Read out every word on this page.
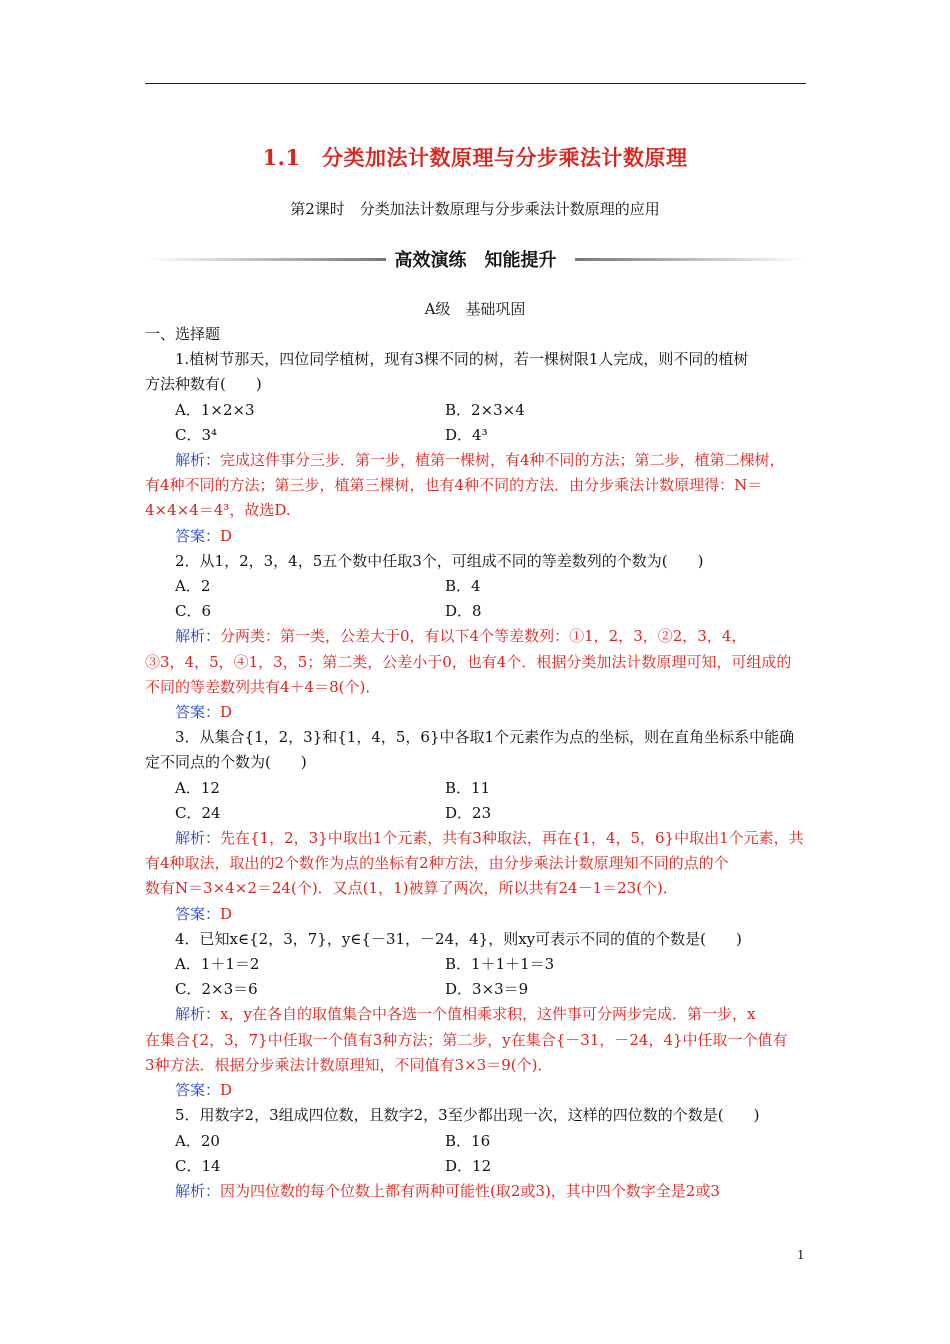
1.1　分类加法计数原理与分步乘法计数原理
第2课时　分类加法计数原理与分步乘法计数原理的应用
高效演练　知能提升
A级　基础巩固

一、选择题

1.植树节那天，四位同学植树，现有3棵不同的树，若一棵树限1人完成，则不同的植树

方法种数有(　　)

A．1×2×3	B．2×3×4
C．3⁴	D．4³

解析：完成这件事分三步．第一步，植第一棵树，有4种不同的方法；第二步，植第二棵树，

有4种不同的方法；第三步，植第三棵树，也有4种不同的方法．由分步乘法计数原理得：N＝

4×4×4＝4³，故选D.

答案：D

2．从1，2，3，4，5五个数中任取3个，可组成不同的等差数列的个数为(　　)

A．2	B．4
C．6	D．8

解析：分两类：第一类，公差大于0，有以下4个等差数列：①1，2，3，②2，3，4，

③3，4，5，④1，3，5；第二类，公差小于0，也有4个．根据分类加法计数原理可知，可组成的

不同的等差数列共有4＋4＝8(个)．

答案：D

3．从集合{1，2，3}和{1，4，5，6}中各取1个元素作为点的坐标，则在直角坐标系中能确

定不同点的个数为(　　)

A．12	B．11
C．24	D．23

解析：先在{1，2，3}中取出1个元素，共有3种取法，再在{1，4，5，6}中取出1个元素，共

有4种取法，取出的2个数作为点的坐标有2种方法，由分步乘法计数原理知不同的点的个

数有N＝3×4×2＝24(个)．又点(1，1)被算了两次，所以共有24－1＝23(个)．

答案：D

4．已知x∈{2，3，7}，y∈{－31，－24，4}，则xy可表示不同的值的个数是(　　)

A．1＋1＝2	B．1＋1＋1＝3
C．2×3＝6	D．3×3＝9

解析：x，y在各自的取值集合中各选一个值相乘求积，这件事可分两步完成．第一步，x

在集合{2，3，7}中任取一个值有3种方法；第二步，y在集合{－31，－24，4}中任取一个值有

3种方法．根据分步乘法计数原理知，不同值有3×3＝9(个)．

答案：D

5．用数字2，3组成四位数，且数字2，3至少都出现一次，这样的四位数的个数是(　　)

A．20	B．16
C．14	D．12

解析：因为四位数的每个位数上都有两种可能性(取2或3)，其中四个数字全是2或3

1
